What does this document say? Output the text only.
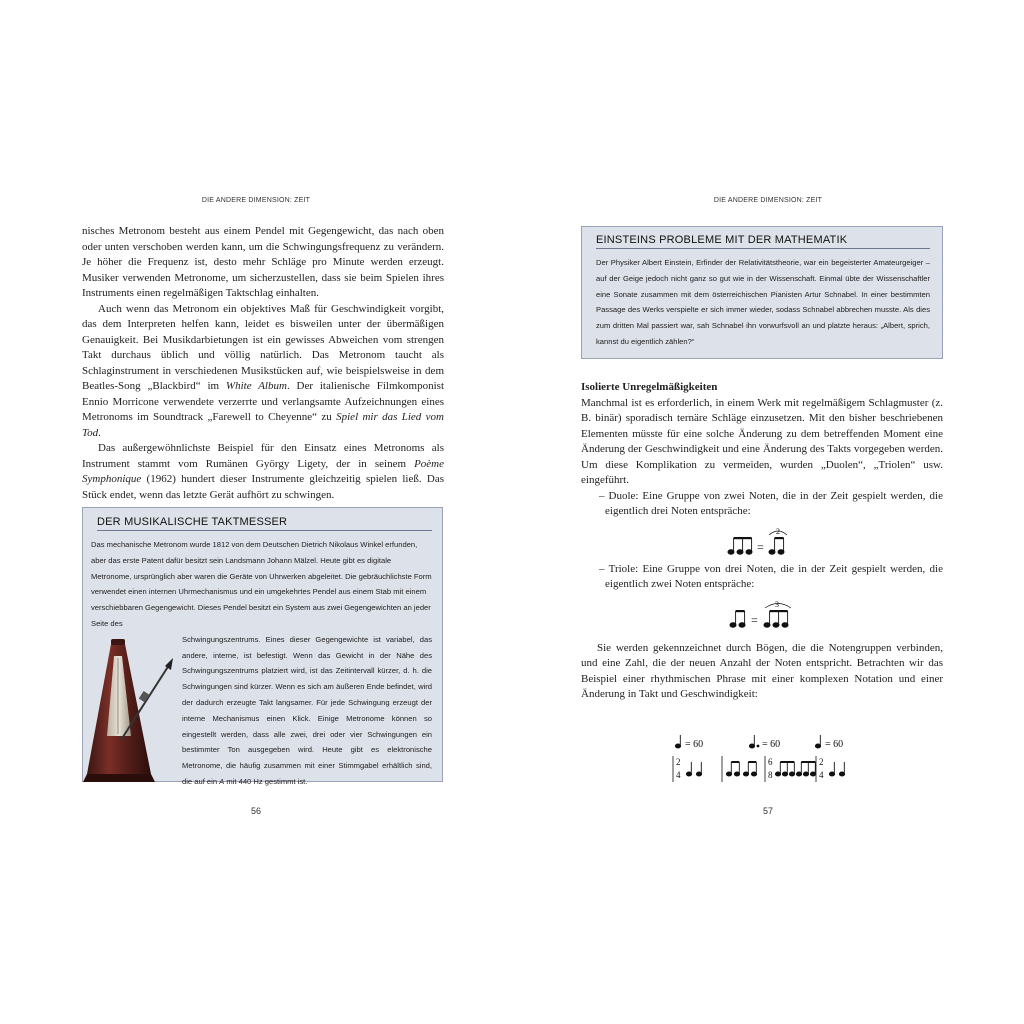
DIE ANDERE DIMENSION: ZEIT

nisches Metronom besteht aus einem Pendel mit Gegengewicht, das nach oben oder unten verschoben werden kann, um die Schwingungsfrequenz zu verändern. Je höher die Frequenz ist, desto mehr Schläge pro Minute werden erzeugt. Musiker verwenden Metronome, um sicherzustellen, dass sie beim Spielen ihres Instruments einen regelmäßigen Taktschlag einhalten.

Auch wenn das Metronom ein objektives Maß für Geschwindigkeit vorgibt, das dem Interpreten helfen kann, leidet es bisweilen unter der übermäßigen Genauigkeit. Bei Musikdarbietungen ist ein gewisses Abweichen vom strengen Takt durchaus üblich und völlig natürlich. Das Metronom taucht als Schlaginstrument in verschiedenen Musikstücken auf, wie beispielsweise in dem Beatles-Song „Blackbird“ im White Album. Der italienische Filmkomponist Ennio Morricone verwendete verzerrte und verlangsamte Aufzeichnungen eines Metronoms im Soundtrack „Farewell to Cheyenne“ zu Spiel mir das Lied vom Tod.

Das außergewöhnlichste Beispiel für den Einsatz eines Metronoms als Instrument stammt vom Rumänen György Ligety, der in seinem Poème Symphonique (1962) hundert dieser Instrumente gleichzeitig spielen ließ. Das Stück endet, wenn das letzte Gerät aufhört zu schwingen.

DER MUSIKALISCHE TAKTMESSER

Das mechanische Metronom wurde 1812 von dem Deutschen Dietrich Nikolaus Winkel erfunden, aber das erste Patent dafür besitzt sein Landsmann Johann Mälzel. Heute gibt es digitale Metronome, ursprünglich aber waren die Geräte von Uhrwerken abgeleitet. Die gebräuchlichste Form verwendet einen internen Uhrmechanismus und ein umgekehrtes Pendel aus einem Stab mit einem verschiebbaren Gegengewicht. Dieses Pendel besitzt ein System aus zwei Gegengewichten an jeder Seite des

Schwingungszentrums. Eines dieser Gegengewichte ist variabel, das andere, interne, ist befestigt. Wenn das Gewicht in der Nähe des Schwingungszentrums platziert wird, ist das Zeitintervall kürzer, d. h. die Schwingungen sind kürzer. Wenn es sich am äußeren Ende befindet, wird der dadurch erzeugte Takt langsamer. Für jede Schwingung erzeugt der interne Mechanismus einen Klick. Einige Metronome können so eingestellt werden, dass alle zwei, drei oder vier Schwingungen ein bestimmter Ton ausgegeben wird. Heute gibt es elektronische Metronome, die häufig zusammen mit einer Stimmgabel erhältlich sind, die auf ein A mit 440 Hz gestimmt ist.

56
DIE ANDERE DIMENSION: ZEIT
EINSTEINS PROBLEME MIT DER MATHEMATIK

Der Physiker Albert Einstein, Erfinder der Relativitätstheorie, war ein begeisterter Amateurgeiger – auf der Geige jedoch nicht ganz so gut wie in der Wissenschaft. Einmal übte der Wissenschaftler eine Sonate zusammen mit dem österreichischen Pianisten Artur Schnabel. In einer bestimmten Passage des Werks verspielte er sich immer wieder, sodass Schnabel abbrechen musste. Als dies zum dritten Mal passiert war, sah Schnabel ihn vorwurfsvoll an und platzte heraus: „Albert, sprich, kannst du eigentlich zählen?“

Isolierte Unregelmäßigkeiten

Manchmal ist es erforderlich, in einem Werk mit regelmäßigem Schlagmuster (z. B. binär) sporadisch ternäre Schläge einzusetzen. Mit den bisher beschriebenen Elementen müsste für eine solche Änderung zu dem betreffenden Moment eine Änderung der Geschwindigkeit und eine Änderung des Takts vorgegeben werden. Um diese Komplikation zu vermeiden, wurden „Duolen“, „Triolen“ usw. eingeführt.

– Duole: Eine Gruppe von zwei Noten, die in der Zeit gespielt werden, die eigentlich drei Noten entspräche:

=
2

– Triole: Eine Gruppe von drei Noten, die in der Zeit gespielt werden, die eigentlich zwei Noten entspräche:

=
3

Sie werden gekennzeichnet durch Bögen, die die Notengruppen verbinden, und eine Zahl, die der neuen Anzahl der Noten entspricht. Betrachten wir das Beispiel einer rhythmischen Phrase mit einer komplexen Notation und einer Änderung in Takt und Geschwindigkeit:

= 60	= 60	= 60
2
4
6
8
2
4
57
